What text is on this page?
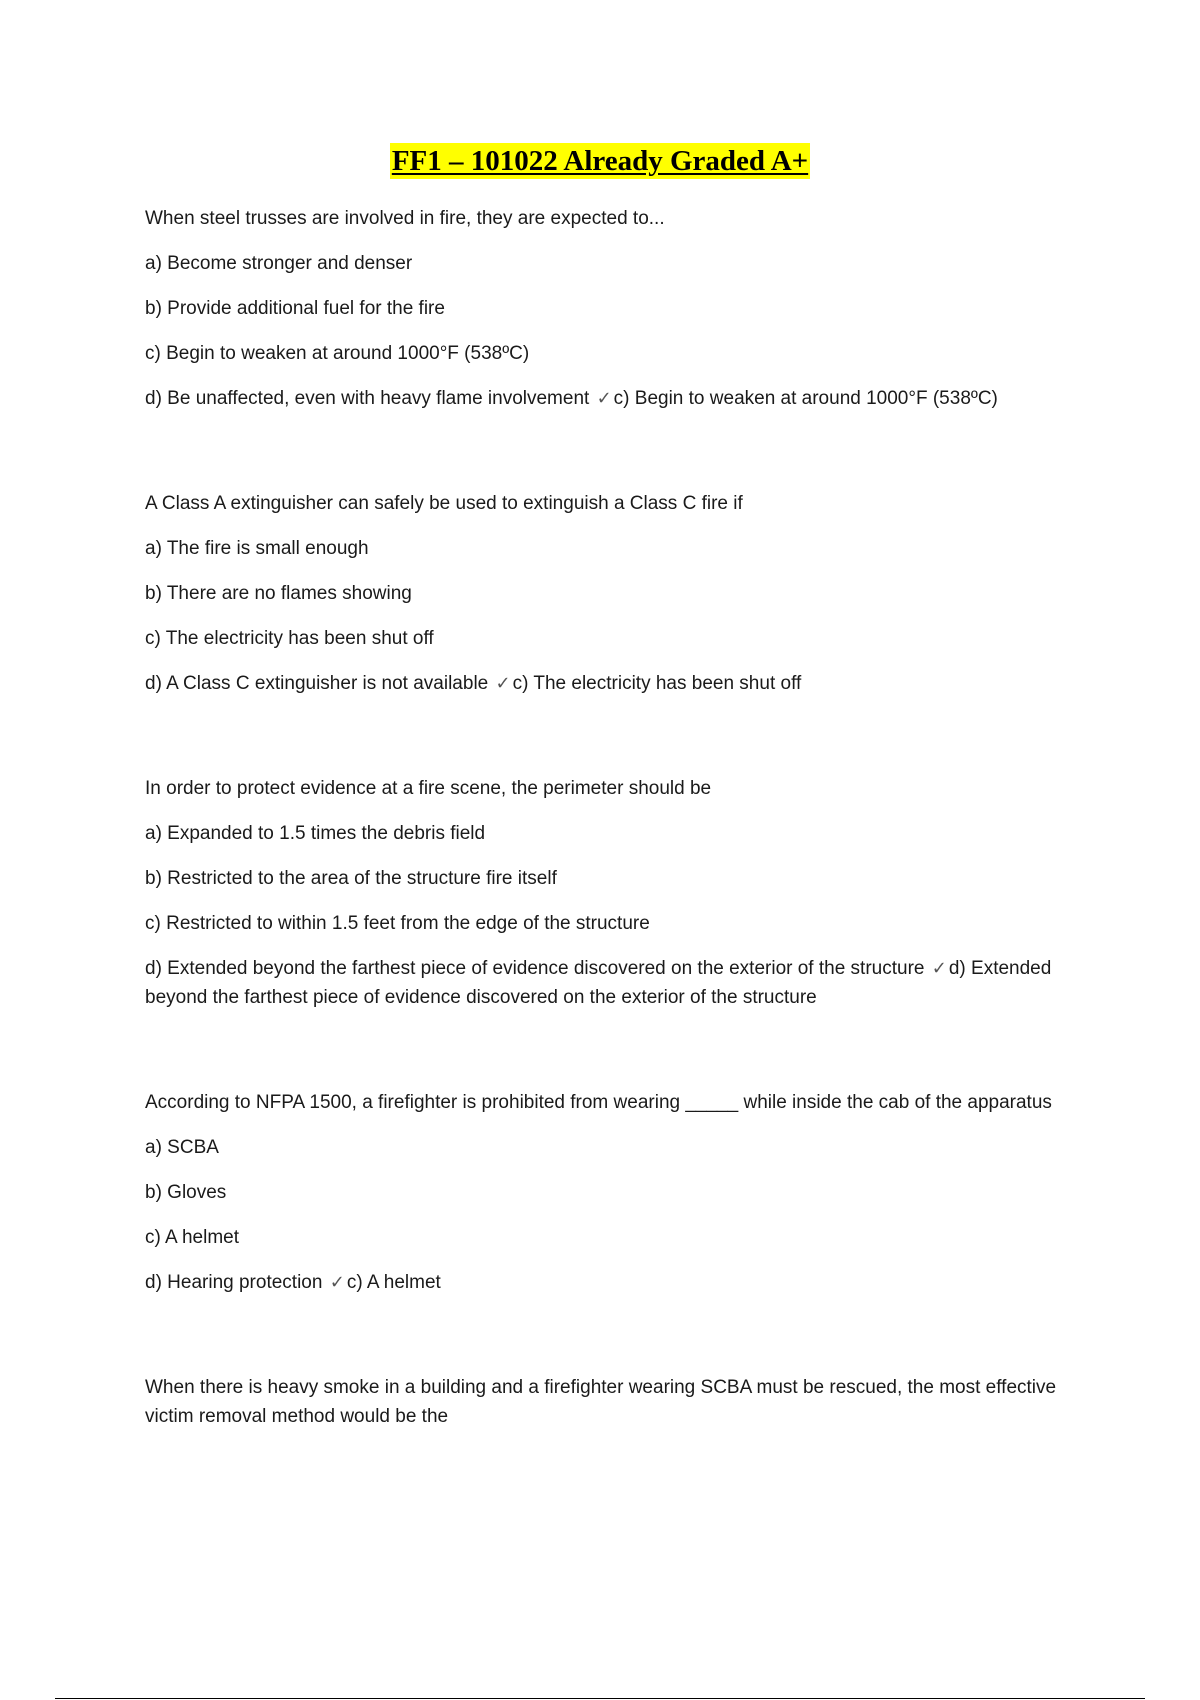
FF1 – 101022 Already Graded A+

When steel trusses are involved in fire, they are expected to...

a) Become stronger and denser

b) Provide additional fuel for the fire

c) Begin to weaken at around 1000°F (538ºC)

d) Be unaffected, even with heavy flame involvement ✓ c) Begin to weaken at around 1000°F (538ºC)

A Class A extinguisher can safely be used to extinguish a Class C fire if

a) The fire is small enough

b) There are no flames showing

c) The electricity has been shut off

d) A Class C extinguisher is not available ✓ c) The electricity has been shut off

In order to protect evidence at a fire scene, the perimeter should be

a) Expanded to 1.5 times the debris field

b) Restricted to the area of the structure fire itself

c) Restricted to within 1.5 feet from the edge of the structure

d) Extended beyond the farthest piece of evidence discovered on the exterior of the structure ✓ d) Extended beyond the farthest piece of evidence discovered on the exterior of the structure

According to NFPA 1500, a firefighter is prohibited from wearing _____ while inside the cab of the apparatus

a) SCBA

b) Gloves

c) A helmet

d) Hearing protection ✓ c) A helmet

When there is heavy smoke in a building and a firefighter wearing SCBA must be rescued, the most effective victim removal method would be the
